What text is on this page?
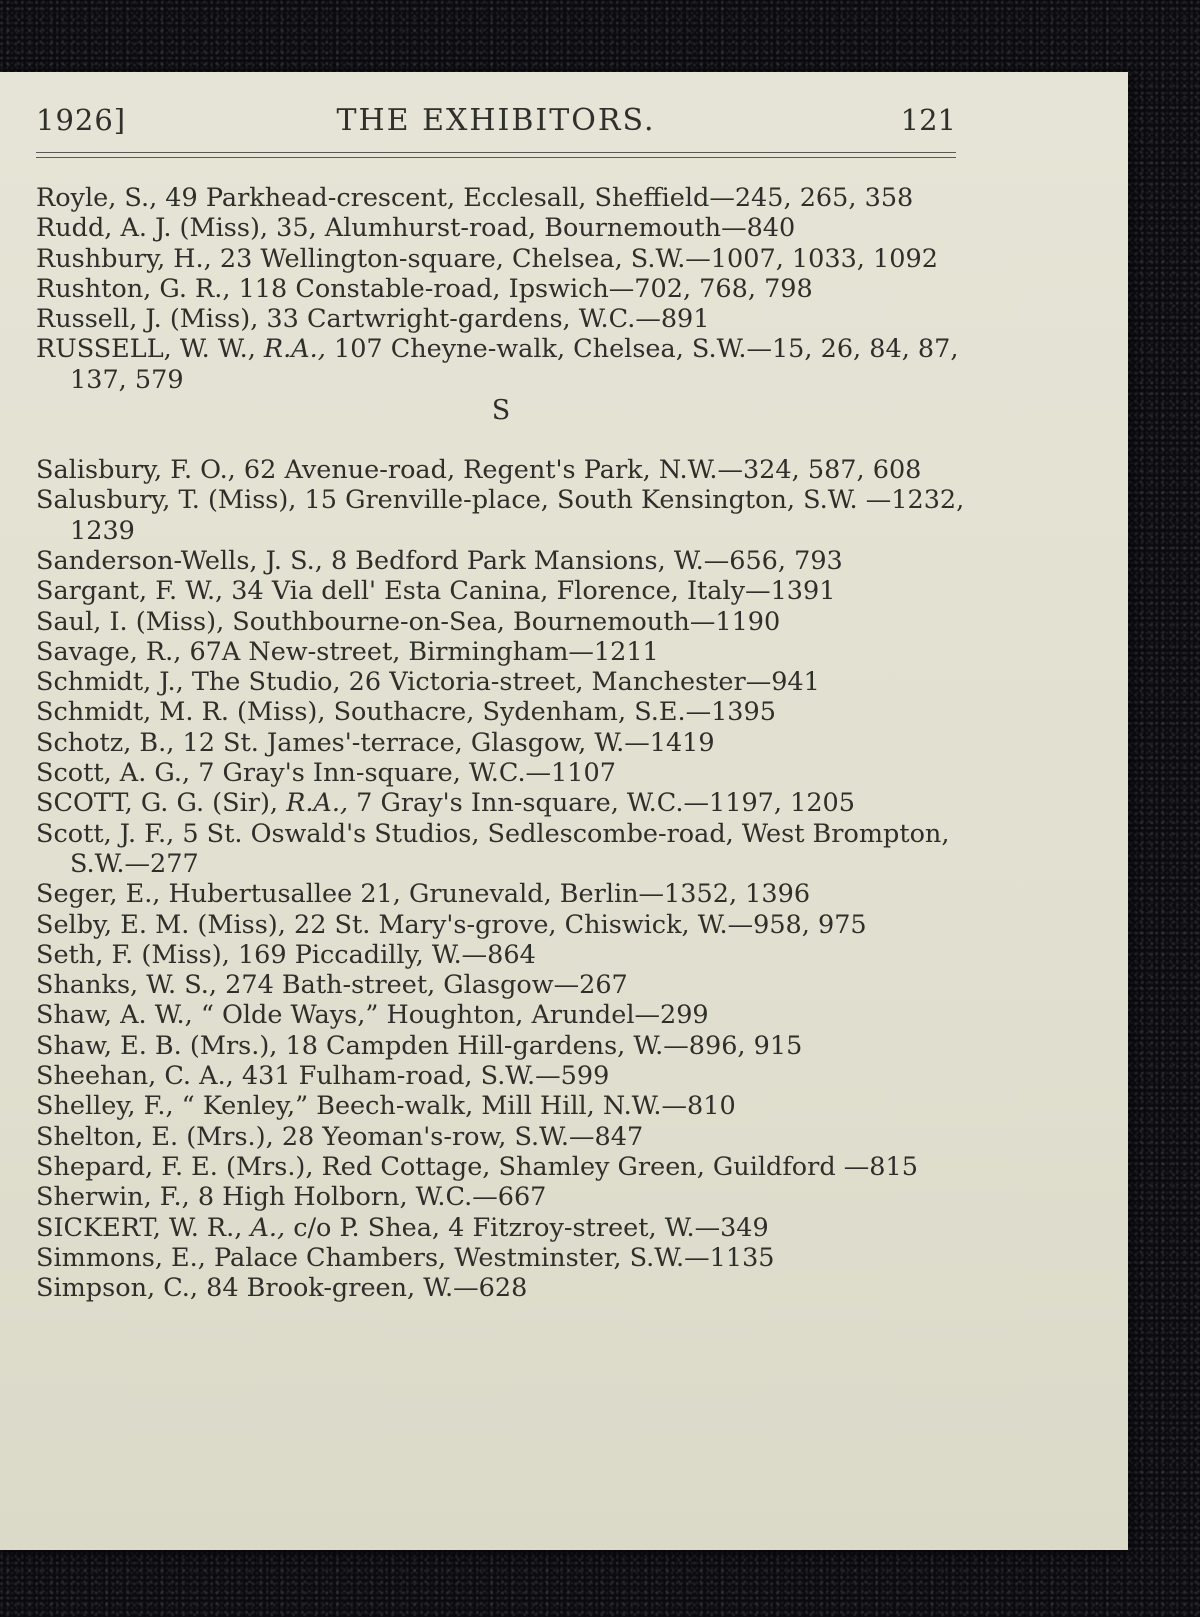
1926]	THE EXHIBITORS.	121
Royle, S., 49 Parkhead-crescent, Ecclesall, Sheffield—245, 265, 358
Rudd, A. J. (Miss), 35, Alumhurst-road, Bournemouth—840
Rushbury, H., 23 Wellington-square, Chelsea, S.W.—1007, 1033, 1092
Rushton, G. R., 118 Constable-road, Ipswich—702, 768, 798
Russell, J. (Miss), 33 Cartwright-gardens, W.C.—891
RUSSELL, W. W., R.A., 107 Cheyne-walk, Chelsea, S.W.—15, 26, 84, 87, 137, 579
S
Salisbury, F. O., 62 Avenue-road, Regent's Park, N.W.—324, 587, 608
Salusbury, T. (Miss), 15 Grenville-place, South Kensington, S.W. —1232, 1239
Sanderson-Wells, J. S., 8 Bedford Park Mansions, W.—656, 793
Sargant, F. W., 34 Via dell' Esta Canina, Florence, Italy—1391
Saul, I. (Miss), Southbourne-on-Sea, Bournemouth—1190
Savage, R., 67A New-street, Birmingham—1211
Schmidt, J., The Studio, 26 Victoria-street, Manchester—941
Schmidt, M. R. (Miss), Southacre, Sydenham, S.E.—1395
Schotz, B., 12 St. James'-terrace, Glasgow, W.—1419
Scott, A. G., 7 Gray's Inn-square, W.C.—1107
SCOTT, G. G. (Sir), R.A., 7 Gray's Inn-square, W.C.—1197, 1205
Scott, J. F., 5 St. Oswald's Studios, Sedlescombe-road, West Brompton, S.W.—277
Seger, E., Hubertusallee 21, Grunevald, Berlin—1352, 1396
Selby, E. M. (Miss), 22 St. Mary's-grove, Chiswick, W.—958, 975
Seth, F. (Miss), 169 Piccadilly, W.—864
Shanks, W. S., 274 Bath-street, Glasgow—267
Shaw, A. W., “ Olde Ways,” Houghton, Arundel—299
Shaw, E. B. (Mrs.), 18 Campden Hill-gardens, W.—896, 915
Sheehan, C. A., 431 Fulham-road, S.W.—599
Shelley, F., “ Kenley,” Beech-walk, Mill Hill, N.W.—810
Shelton, E. (Mrs.), 28 Yeoman's-row, S.W.—847
Shepard, F. E. (Mrs.), Red Cottage, Shamley Green, Guildford —815
Sherwin, F., 8 High Holborn, W.C.—667
SICKERT, W. R., A., c/o P. Shea, 4 Fitzroy-street, W.—349
Simmons, E., Palace Chambers, Westminster, S.W.—1135
Simpson, C., 84 Brook-green, W.—628
